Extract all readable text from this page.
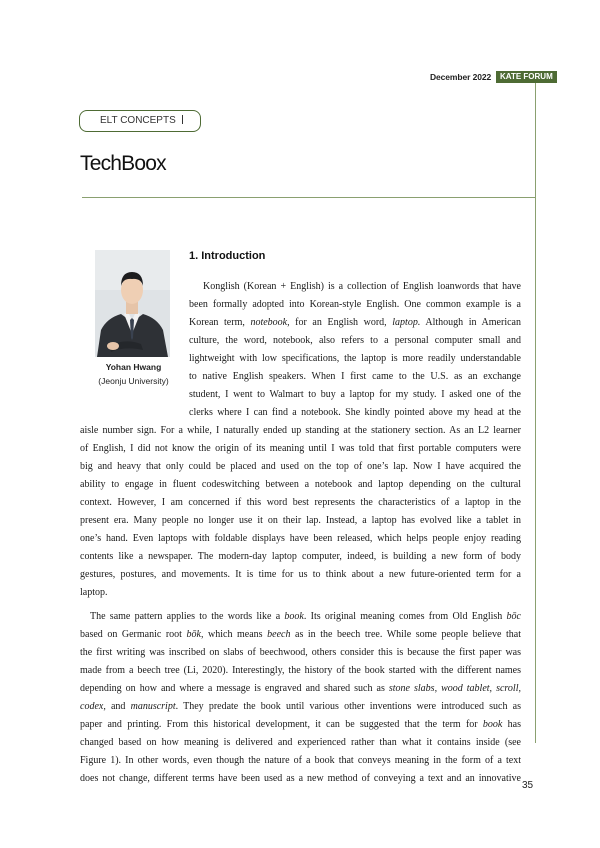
December 2022	KATE FORUM
ELT CONCEPTS
TechBoox
Yohan Hwang
(Jeonju University)
1. Introduction
Konglish (Korean + English) is a collection of English loanwords that have
been formally adopted into Korean-style English. One common example is a
Korean term, notebook, for an English word, laptop. Although in American
culture, the word, notebook, also refers to a personal computer small and
lightweight with low specifications, the laptop is more readily understandable
to native English speakers. When I first came to the U.S. as an exchange
student, I went to Walmart to buy a laptop for my study. I asked one of the
clerks where I can find a notebook. She kindly pointed above my head at the
aisle number sign. For a while, I naturally ended up standing at the stationery section. As an L2 learner
of English, I did not know the origin of its meaning until I was told that first portable computers were
big and heavy that only could be placed and used on the top of one’s lap. Now I have acquired the
ability to engage in fluent codeswitching between a notebook and laptop depending on the cultural
context. However, I am concerned if this word best represents the characteristics of a laptop in the
present era. Many people no longer use it on their lap. Instead, a laptop has evolved like a tablet in
one’s hand. Even laptops with foldable displays have been released, which helps people enjoy reading
contents like a newspaper. The modern-day laptop computer, indeed, is building a new form of body
gestures, postures, and movements. It is time for us to think about a new future-oriented term for a
laptop.
The same pattern applies to the words like a book. Its original meaning comes from Old English bōc
based on Germanic root bōk, which means beech as in the beech tree. While some people believe that
the first writing was inscribed on slabs of beechwood, others consider this is because the first paper was
made from a beech tree (Li, 2020). Interestingly, the history of the book started with the different names
depending on how and where a message is engraved and shared such as stone slabs, wood tablet, scroll,
codex, and manuscript. They predate the book until various other inventions were introduced such as
paper and printing. From this historical development, it can be suggested that the term for book has
changed based on how meaning is delivered and experienced rather than what it contains inside (see
Figure 1). In other words, even though the nature of a book that conveys meaning in the form of a text
does not change, different terms have been used as a new method of conveying a text and an innovative
35
